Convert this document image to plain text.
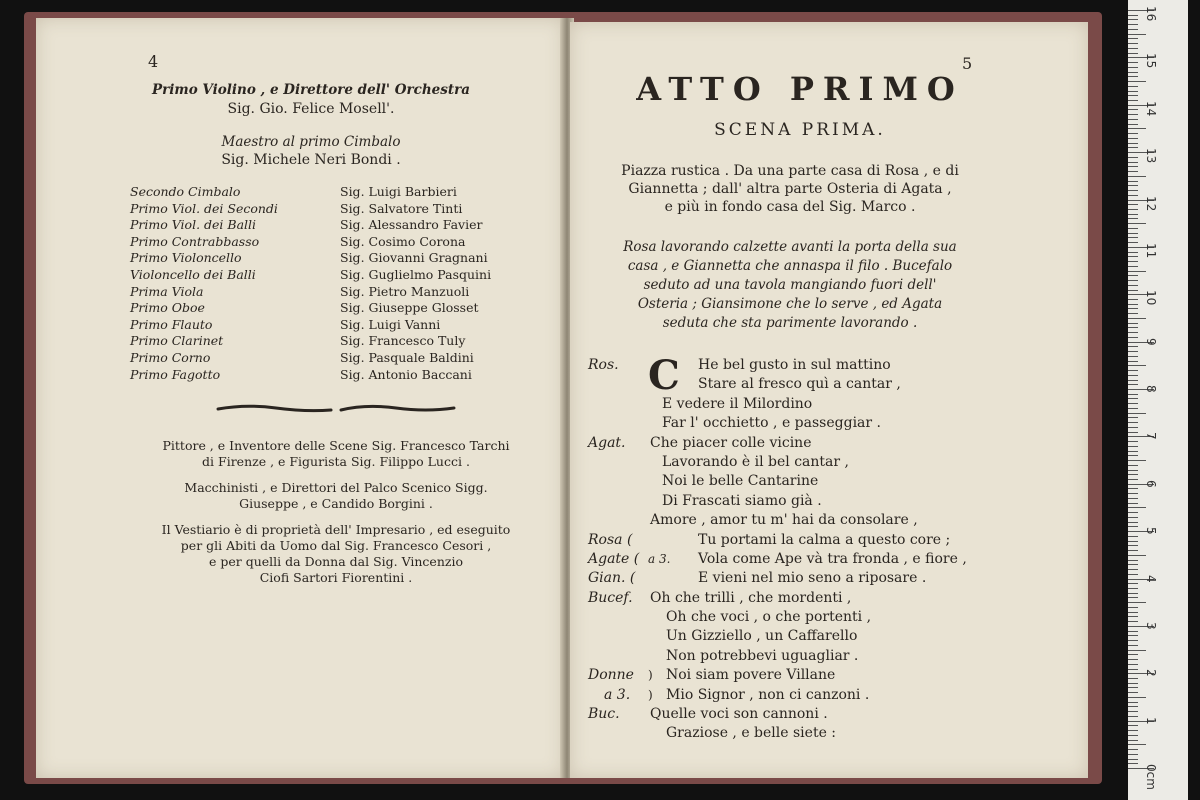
4
Primo Violino , e Direttore dell' Orchestra
Sig. Gio. Felice Mosell'.
Maestro al primo Cimbalo
Sig. Michele Neri Bondi .
Secondo Cimbalo	Sig. Luigi Barbieri
Primo Viol. dei Secondi	Sig. Salvatore Tinti
Primo Viol. dei Balli	Sig. Alessandro Favier
Primo Contrabbasso	Sig. Cosimo Corona
Primo Violoncello	Sig. Giovanni Gragnani
Violoncello dei Balli	Sig. Guglielmo Pasquini
Prima Viola	Sig. Pietro Manzuoli
Primo Oboe	Sig. Giuseppe Glosset
Primo Flauto	Sig. Luigi Vanni
Primo Clarinet	Sig. Francesco Tuly
Primo Corno	Sig. Pasquale Baldini
Primo Fagotto	Sig. Antonio Baccani
Pittore , e Inventore delle Scene Sig. Francesco Tarchi
di Firenze , e Figurista Sig. Filippo Lucci .
Macchinisti , e Direttori del Palco Scenico Sigg.
Giuseppe , e Candido Borgini .
Il Vestiario è di proprietà dell' Impresario , ed eseguito
per gli Abiti da Uomo dal Sig. Francesco Cesori ,
e per quelli da Donna dal Sig. Vincenzio
Ciofi Sartori Fiorentini .
5
ATTO PRIMO
SCENA PRIMA.
Piazza rustica . Da una parte casa di Rosa , e di
Giannetta ; dall' altra parte Osteria di Agata ,
e più in fondo casa del Sig. Marco .
Rosa lavorando calzette avanti la porta della sua
casa , e Giannetta che annaspa il filo . Bucefalo
seduto ad una tavola mangiando fuori dell'
Osteria ; Giansimone che lo serve , ed Agata
seduta che sta parimente lavorando .
Ros. C	He bel gusto in sul mattino
Stare al fresco quì a cantar ,
E vedere il Milordino
Far l' occhietto , e passeggiar .
Agat.	Che piacer colle vicine
Lavorando è il bel cantar ,
Noi le belle Cantarine
Di Frascati siamo già .
Amore , amor tu m' hai da consolare ,
Rosa (	Tu portami la calma a questo core ;
Agate ( a 3.	Vola come Ape và tra fronda , e fiore ,
Gian. (	E vieni nel mio seno a riposare .
Bucef.	Oh che trilli , che mordenti ,
Oh che voci , o che portenti ,
Un Gizziello , un Caffarello
Non potrebbevi uguagliar .
Donne	) Noi siam povere Villane
a 3.	) Mio Signor , non ci canzoni .
Buc.	Quelle voci son cannoni .
Graziose , e belle siete :
16
15
14
13
12
11
10
9
8
7
6
5
4
3
2
1
0cm
